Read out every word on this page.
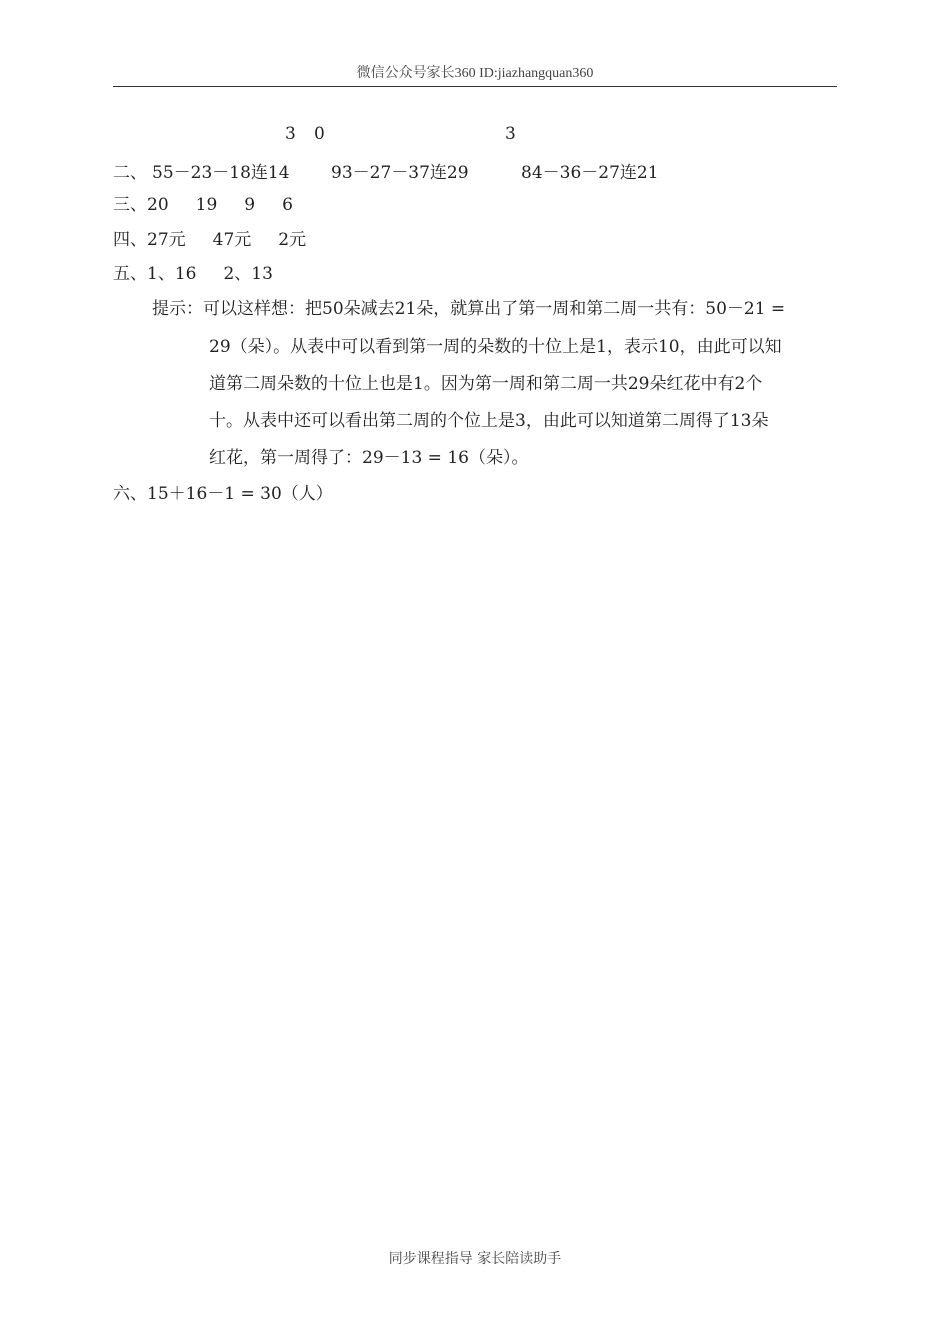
微信公众号家长360 ID:jiazhangquan360
3 0	3
二、 55－23－18连14 93－27－37连29	84－36－27连21
三、20     19     9     6
四、27元     47元     2元
五、1、16     2、13
提示：可以这样想：把50朵减去21朵，就算出了第一周和第二周一共有：50－21 =
29（朵）。从表中可以看到第一周的朵数的十位上是1，表示10，由此可以知
道第二周朵数的十位上也是1。因为第一周和第二周一共29朵红花中有2个
十。从表中还可以看出第二周的个位上是3，由此可以知道第二周得了13朵
红花，第一周得了：29－13 = 16（朵）。
六、15＋16－1 = 30（人）
同步课程指导 家长陪读助手
